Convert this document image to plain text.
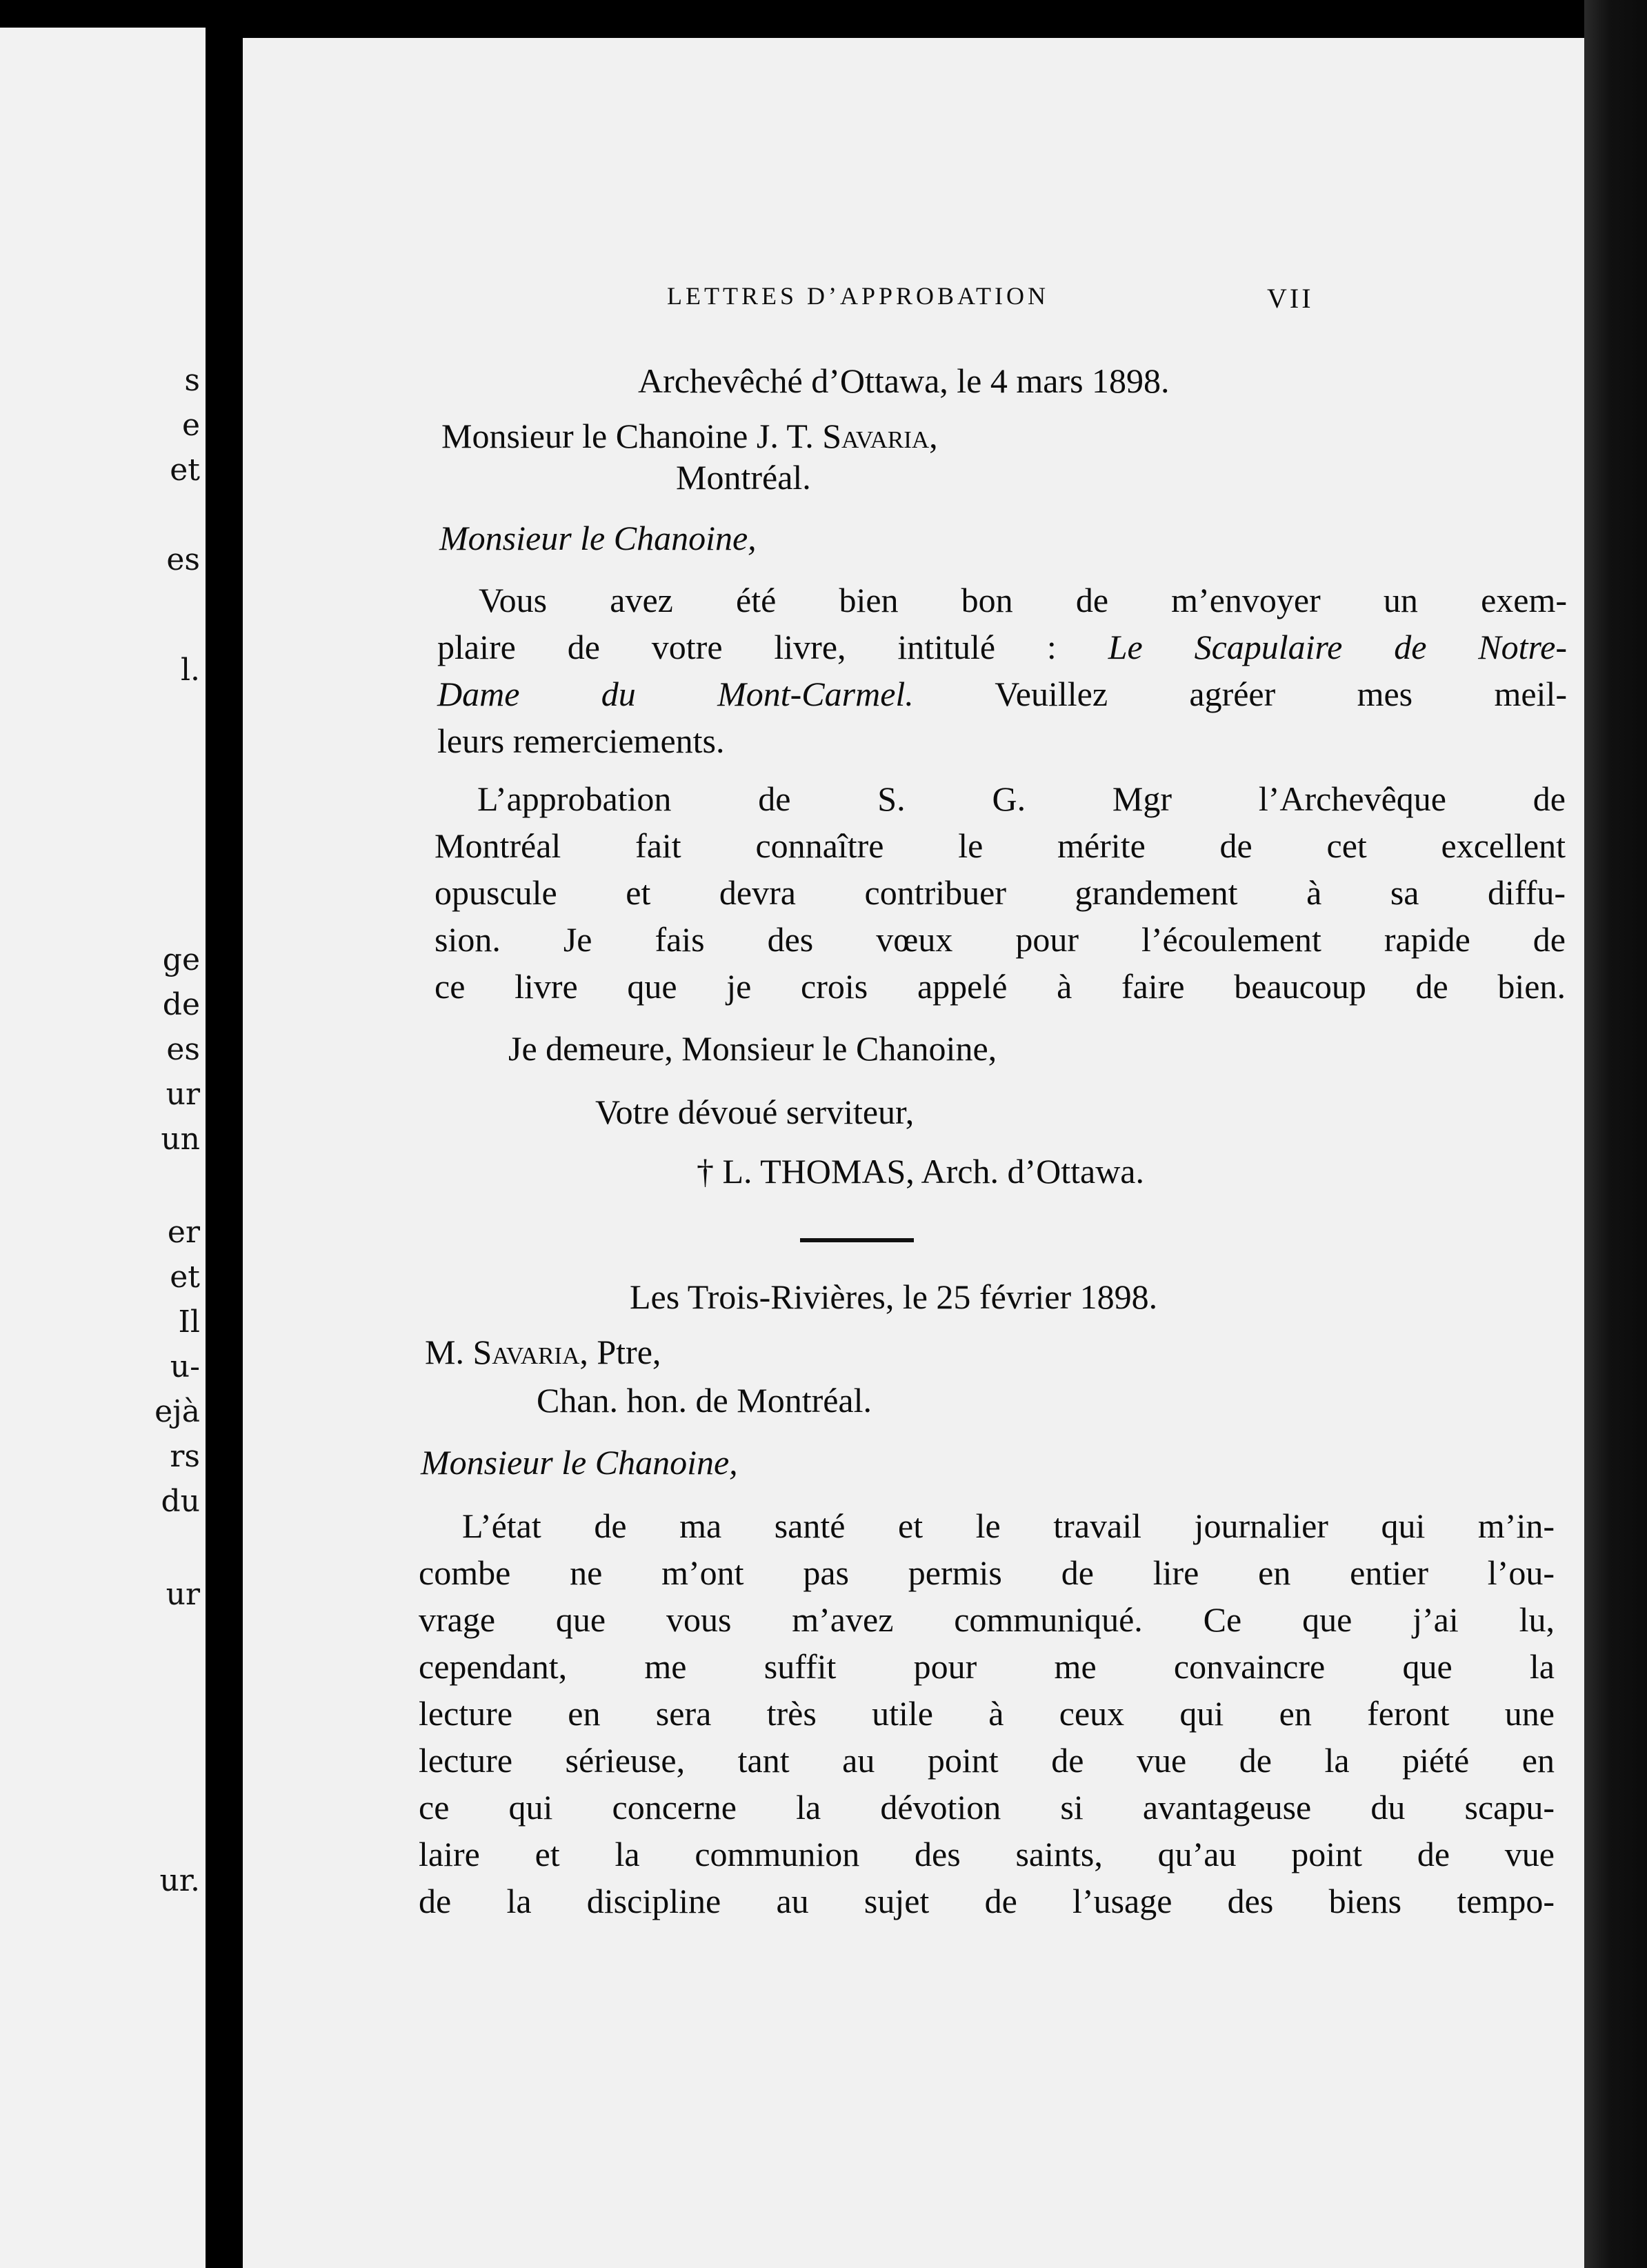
s
e
et
es
l.
ge
de
es
ur
un
er
et
Il
u-
ejà
rs
du
ur
ur.
LETTRES D’APPROBATION	VII
Archevêché d’Ottawa, le 4 mars 1898.
Monsieur le Chanoine J. T. Savaria,
Montréal.
Monsieur le Chanoine,
Vous avez été bien bon de m’envoyer un exem-
plaire de votre livre, intitulé : Le Scapulaire de Notre-
Dame du Mont-Carmel. Veuillez agréer mes meil-
leurs remerciements.
L’approbation de S. G. Mgr l’Archevêque de
Montréal fait connaître le mérite de cet excellent
opuscule et devra contribuer grandement à sa diffu-
sion. Je fais des vœux pour l’écoulement rapide de
ce livre que je crois appelé à faire beaucoup de bien.
Je demeure, Monsieur le Chanoine,
Votre dévoué serviteur,
† L. THOMAS, Arch. d’Ottawa.
Les Trois-Rivières, le 25 février 1898.
M. Savaria, Ptre,
Chan. hon. de Montréal.
Monsieur le Chanoine,
L’état de ma santé et le travail journalier qui m’in-
combe ne m’ont pas permis de lire en entier l’ou-
vrage que vous m’avez communiqué. Ce que j’ai lu,
cependant, me suffit pour me convaincre que la
lecture en sera très utile à ceux qui en feront une
lecture sérieuse, tant au point de vue de la piété en
ce qui concerne la dévotion si avantageuse du scapu-
laire et la communion des saints, qu’au point de vue
de la discipline au sujet de l’usage des biens tempo-
